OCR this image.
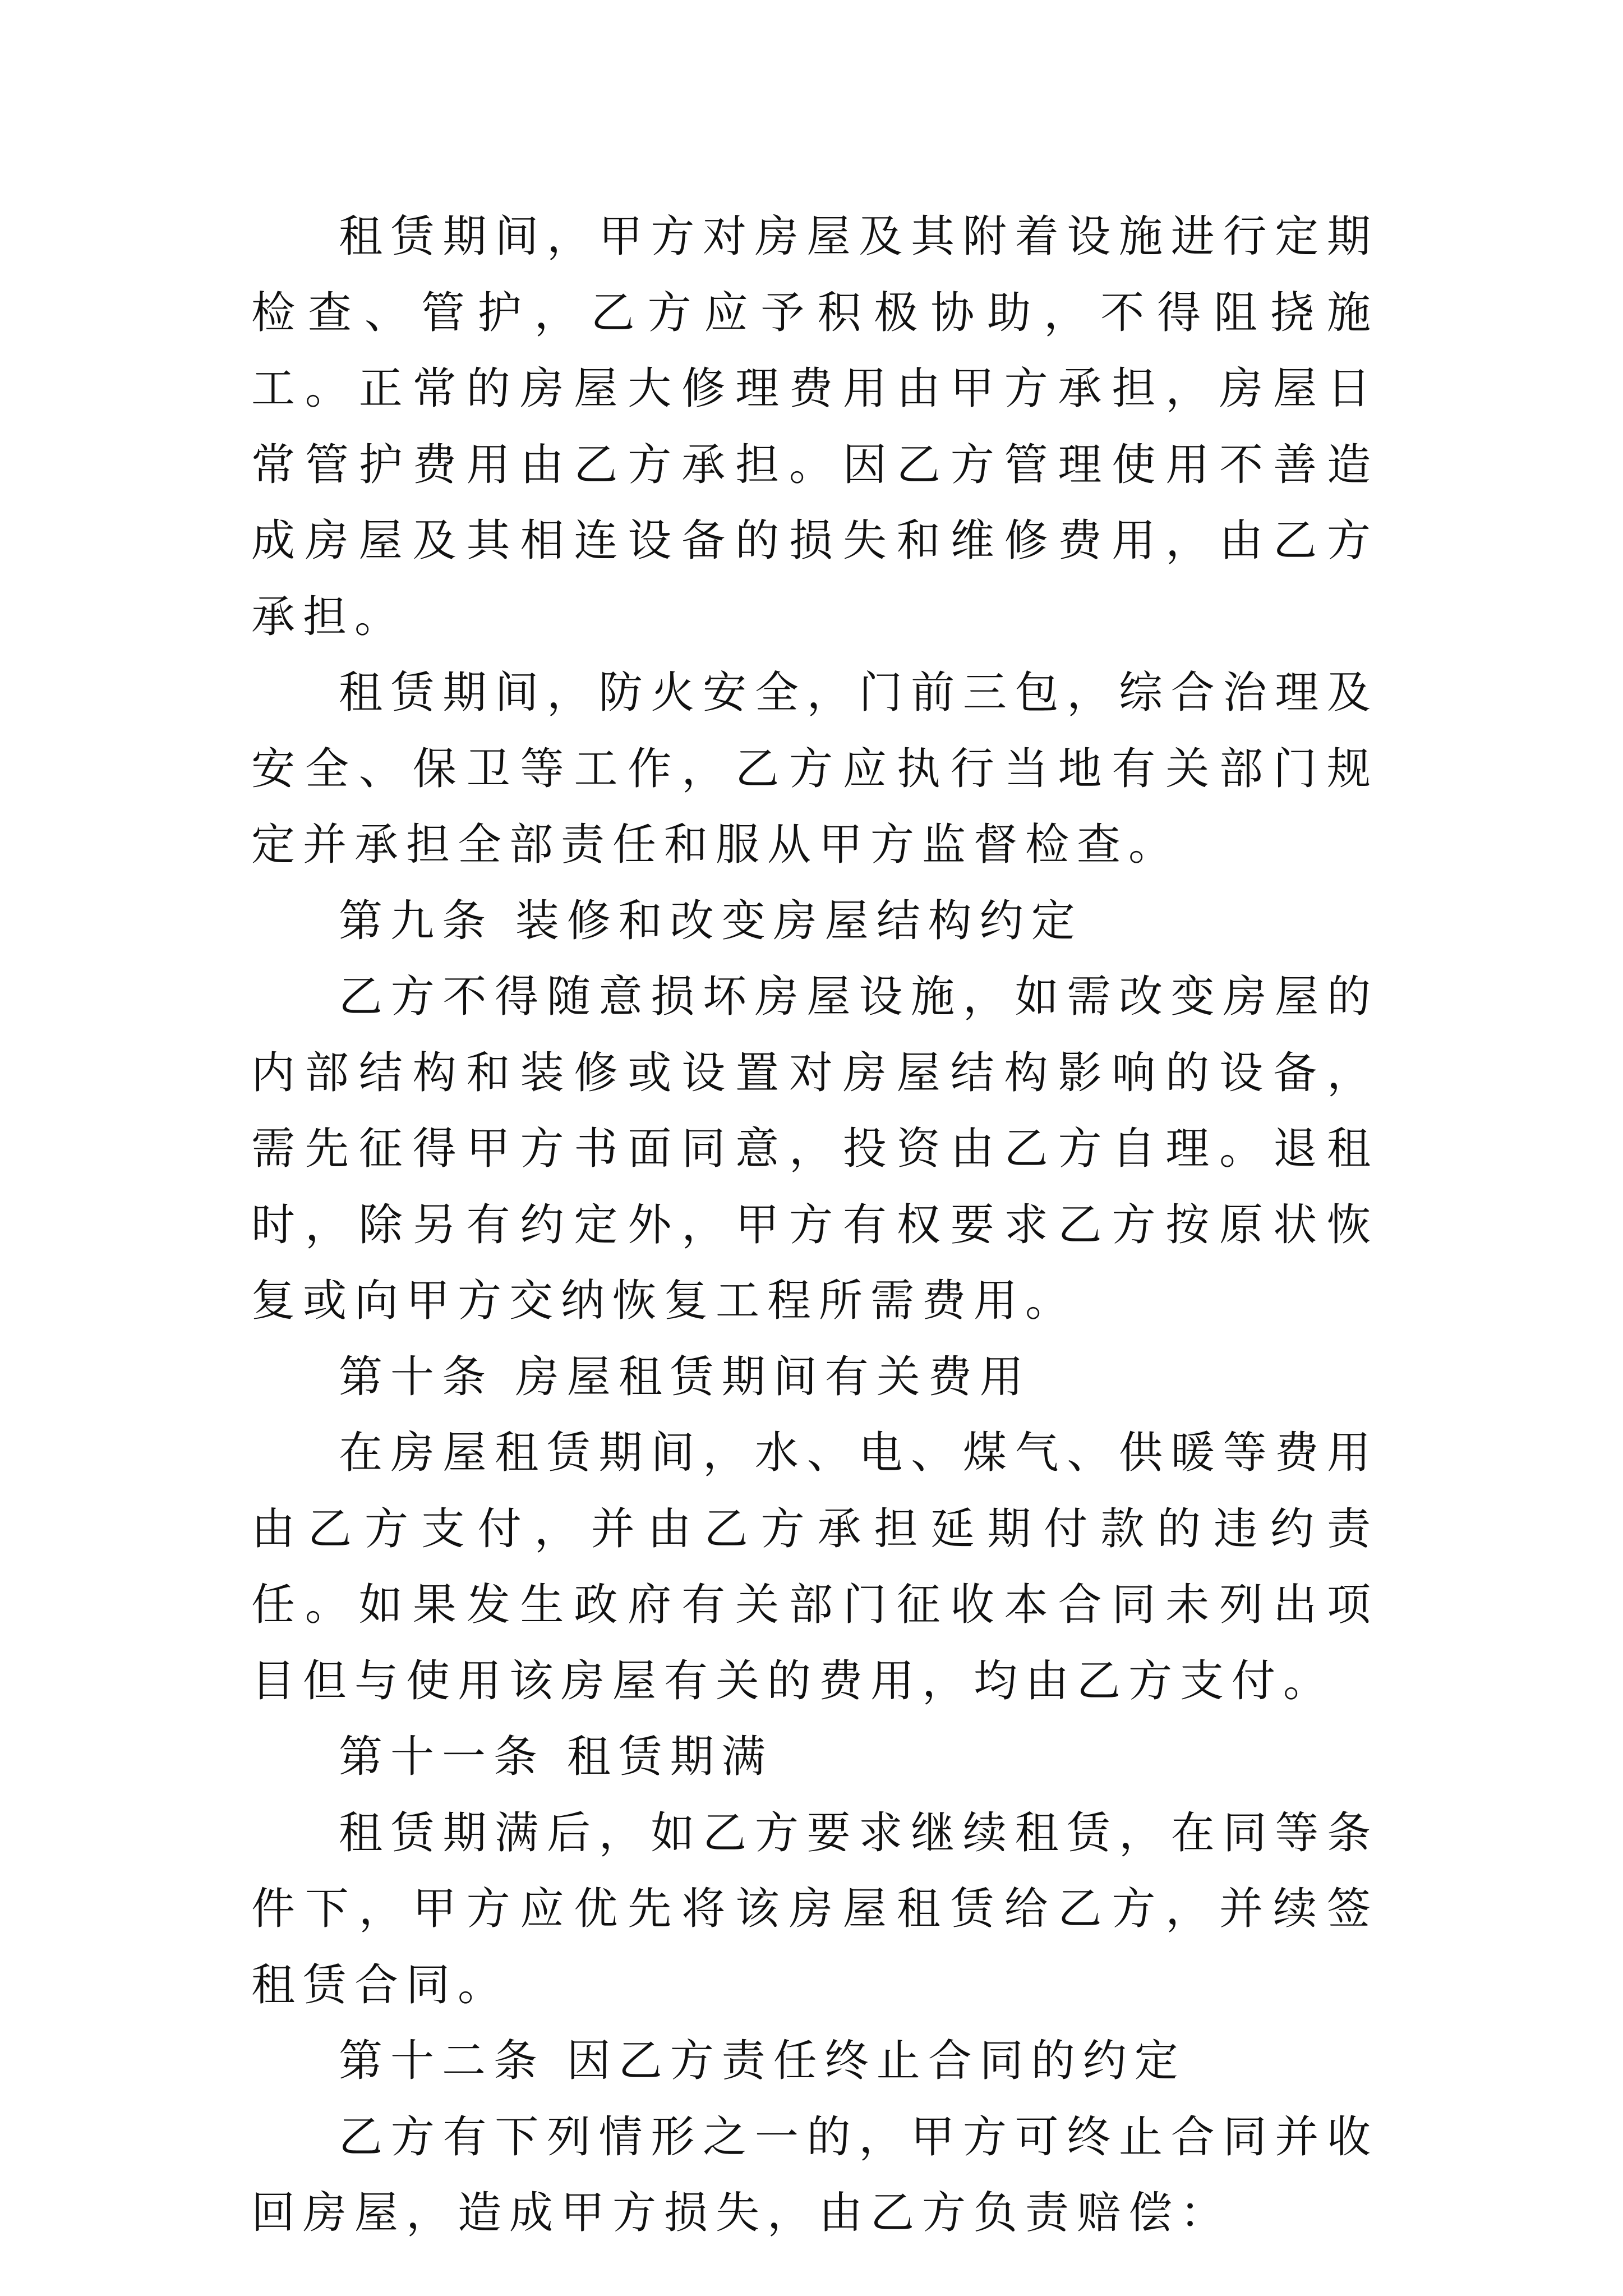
租赁期间，甲方对房屋及其附着设施进行定期检查、管护，乙方应予积极协助，不得阻挠施工。正常的房屋大修理费用由甲方承担，房屋日常管护费用由乙方承担。因乙方管理使用不善造成房屋及其相连设备的损失和维修费用，由乙方承担。

租赁期间，防火安全，门前三包，综合治理及安全、保卫等工作，乙方应执行当地有关部门规定并承担全部责任和服从甲方监督检查。

第九条 装修和改变房屋结构约定

乙方不得随意损坏房屋设施，如需改变房屋的内部结构和装修或设置对房屋结构影响的设备，需先征得甲方书面同意，投资由乙方自理。退租时，除另有约定外，甲方有权要求乙方按原状恢复或向甲方交纳恢复工程所需费用。

第十条 房屋租赁期间有关费用

在房屋租赁期间，水、电、煤气、供暖等费用由乙方支付，并由乙方承担延期付款的违约责任。如果发生政府有关部门征收本合同未列出项目但与使用该房屋有关的费用，均由乙方支付。

第十一条 租赁期满

租赁期满后，如乙方要求继续租赁，在同等条件下，甲方应优先将该房屋租赁给乙方，并续签租赁合同。

第十二条 因乙方责任终止合同的约定

乙方有下列情形之一的，甲方可终止合同并收回房屋，造成甲方损失，由乙方负责赔偿：
